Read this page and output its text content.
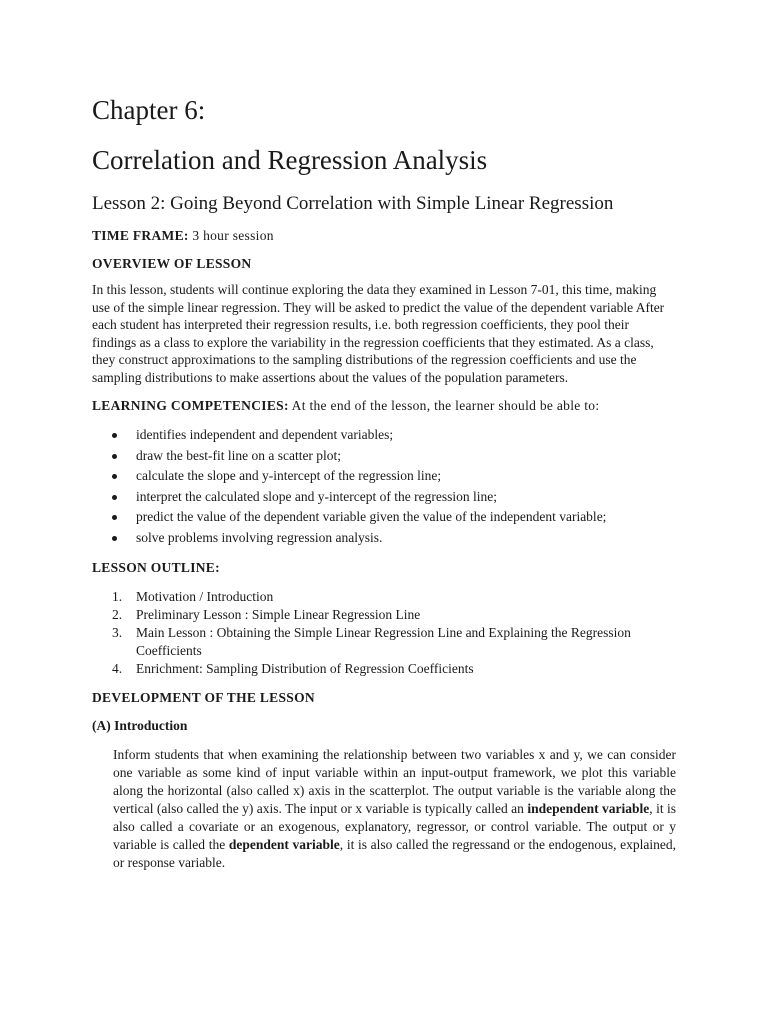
Chapter 6:
Correlation and Regression Analysis
Lesson 2: Going Beyond Correlation with Simple Linear Regression

TIME FRAME: 3 hour session

OVERVIEW OF LESSON

In this lesson, students will continue exploring the data they examined in Lesson 7-01, this time, making use of the simple linear regression. They will be asked to predict the value of the dependent variable After each student has interpreted their regression results, i.e. both regression coefficients, they pool their findings as a class to explore the variability in the regression coefficients that they estimated. As a class, they construct approximations to the sampling distributions of the regression coefficients and use the sampling distributions to make assertions about the values of the population parameters.

LEARNING COMPETENCIES: At the end of the lesson, the learner should be able to:

identifies independent and dependent variables;
draw the best-fit line on a scatter plot;
calculate the slope and y-intercept of the regression line;
interpret the calculated slope and y-intercept of the regression line;
predict the value of the dependent variable given the value of the independent variable;
solve problems involving regression analysis.

LESSON OUTLINE:

1. Motivation / Introduction
2. Preliminary Lesson : Simple Linear Regression Line
3. Main Lesson : Obtaining the Simple Linear Regression Line and Explaining the Regression Coefficients
4. Enrichment: Sampling Distribution of Regression Coefficients

DEVELOPMENT OF THE LESSON

(A) Introduction

Inform students that when examining the relationship between two variables x and y, we can consider one variable as some kind of input variable within an input-output framework, we plot this variable along the horizontal (also called x) axis in the scatterplot. The output variable is the variable along the vertical (also called the y) axis. The input or x variable is typically called an independent variable, it is also called a covariate or an exogenous, explanatory, regressor, or control variable. The output or y variable is called the dependent variable, it is also called the regressand or the endogenous, explained, or response variable.
